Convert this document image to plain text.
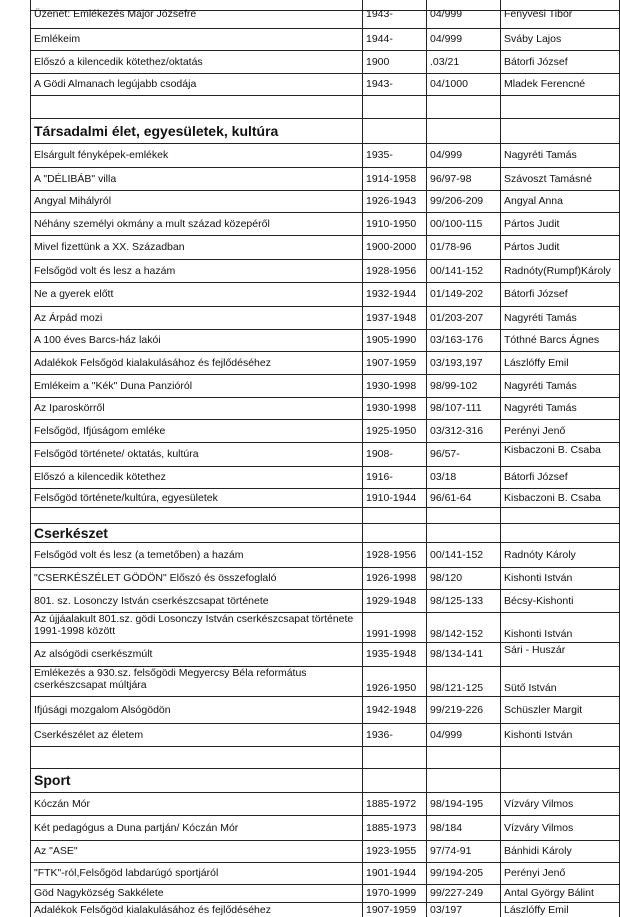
Üzenet: Emlékezés Major Józsefre	1943-	04/999	Fenyvesi Tibor
Emlékeim	1944-	04/999	Sváby Lajos
Előszó a kilencedik kötethez/oktatás	1900	.03/21	Bátorfi József
A Gödi Almanach legújabb csodája	1943-	04/1000	Mladek Ferencné
Társadalmi élet, egyesületek, kultúra
Elsárgult fényképek-emlékek	1935-	04/999	Nagyréti Tamás
A "DÉLIBÁB" villa	1914-1958	96/97-98	Szávoszt Tamásné
Angyal Mihályról	1926-1943	99/206-209	Angyal Anna
Néhány személyi okmány a mult század közepéről	1910-1950	00/100-115	Pártos Judit
Mivel fizettünk a XX. Században	1900-2000	01/78-96	Pártos Judit
Felsőgöd volt és lesz a hazám	1928-1956	00/141-152	Radnóty(Rumpf)Károly
Ne a gyerek előtt	1932-1944	01/149-202	Bátorfi József
Az Árpád mozi	1937-1948	01/203-207	Nagyréti Tamás
A 100 éves Barcs-ház lakói	1905-1990	03/163-176	Tóthné Barcs Ágnes
Adalékok Felsőgöd kialakulásához és fejlődéséhez	1907-1959	03/193,197	Lászlóffy Emil
Emlékeim a "Kék" Duna Panzióról	1930-1998	98/99-102	Nagyréti Tamás
Az Iparoskörről	1930-1998	98/107-111	Nagyréti Tamás
Felsőgöd, Ifjúságom emléke	1925-1950	03/312-316	Perényi Jenő
Felsőgöd története/ oktatás, kultúra	1908-	96/57-	Kisbaczoni B. Csaba
Előszó a kilencedik kötethez	1916-	03/18	Bátorfi József
Felsőgöd története/kultúra, egyesületek	1910-1944	96/61-64	Kisbaczoni B. Csaba
Cserkészet
Felsőgöd volt és lesz (a temetőben) a hazám	1928-1956	00/141-152	Radnóty Károly
"CSERKÉSZÉLET GÖDÖN" Előszó és összefoglaló	1926-1998	98/120	Kishonti István
801. sz. Losonczy István cserkészcsapat története	1929-1948	98/125-133	Bécsy-Kishonti
Az újjáalakult 801.sz. gödi Losonczy István cserkészcsapat története 1991-1998 között	1991-1998	98/142-152	Kishonti István
Az alsógödi cserkészmúlt	1935-1948	98/134-141	Sári - Huszár
Emlékezés a 930.sz. felsőgödi Megyercsy Béla református cserkészcsapat múltjára	1926-1950	98/121-125	Sütő István
Ifjúsági mozgalom Alsógödön	1942-1948	99/219-226	Schüszler Margit
Cserkészélet az életem	1936-	04/999	Kishonti István
Sport
Kóczán Mór	1885-1972	98/194-195	Vízváry Vilmos
Két pedagógus a Duna partján/ Kóczán Mór	1885-1973	98/184	Vízváry Vilmos
Az "ASE"	1923-1955	97/74-91	Bánhidi Károly
"FTK"-ról,Felsőgöd labdarúgó sportjáról	1901-1944	99/194-205	Perényi Jenő
Göd Nagyközség Sakkélete	1970-1999	99/227-249	Antal György Bálint
Adalékok Felsőgöd kialakulásához és fejlődéséhez	1907-1959	03/197	Lászlóffy Emil
